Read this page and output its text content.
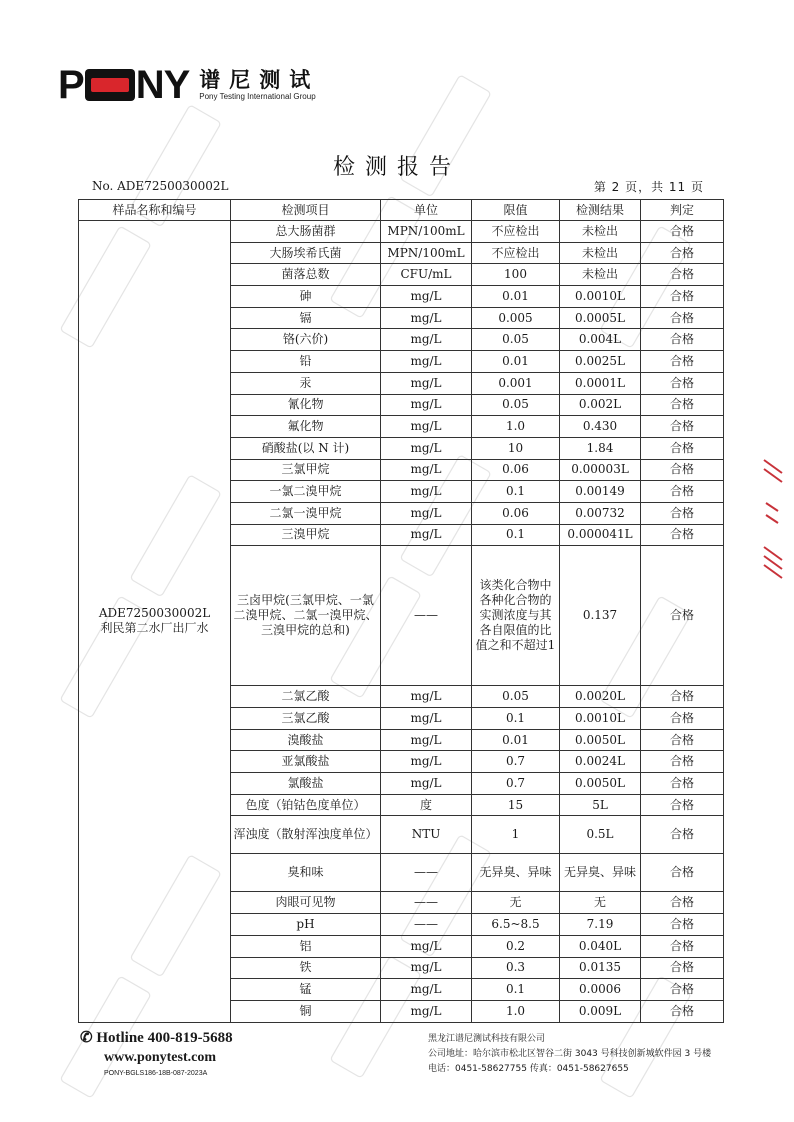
P NY 谱尼测试
Pony Testing International Group
检测报告
No. ADE7250030002L	第 2 页，共 11 页
样品名称和编号	检测项目	单位	限值	检测结果	判定

ADE7250030002L
利民第二水厂出厂水	总大肠菌群	MPN/100mL	不应检出	未检出	合格
	大肠埃希氏菌	MPN/100mL	不应检出	未检出	合格
	菌落总数	CFU/mL	100	未检出	合格
	砷	mg/L	0.01	0.0010L	合格
	镉	mg/L	0.005	0.0005L	合格
	铬(六价)	mg/L	0.05	0.004L	合格
	铅	mg/L	0.01	0.0025L	合格
	汞	mg/L	0.001	0.0001L	合格
	氰化物	mg/L	0.05	0.002L	合格
	氟化物	mg/L	1.0	0.430	合格
	硝酸盐(以 N 计)	mg/L	10	1.84	合格
	三氯甲烷	mg/L	0.06	0.00003L	合格
	一氯二溴甲烷	mg/L	0.1	0.00149	合格
	二氯一溴甲烷	mg/L	0.06	0.00732	合格
	三溴甲烷	mg/L	0.1	0.000041L	合格
	三卤甲烷(三氯甲烷、一氯二溴甲烷、二氯一溴甲烷、三溴甲烷的总和)	——	该类化合物中各种化合物的实测浓度与其各自限值的比值之和不超过1	0.137	合格
	二氯乙酸	mg/L	0.05	0.0020L	合格
	三氯乙酸	mg/L	0.1	0.0010L	合格
	溴酸盐	mg/L	0.01	0.0050L	合格
	亚氯酸盐	mg/L	0.7	0.0024L	合格
	氯酸盐	mg/L	0.7	0.0050L	合格
	色度（铂钴色度单位）	度	15	5L	合格
	浑浊度（散射浑浊度单位）	NTU	1	0.5L	合格
	臭和味	——	无异臭、异味	无异臭、异味	合格
	肉眼可见物	——	无	无	合格
	pH	——	6.5~8.5	7.19	合格
	铝	mg/L	0.2	0.040L	合格
	铁	mg/L	0.3	0.0135	合格
	锰	mg/L	0.1	0.0006	合格
	铜	mg/L	1.0	0.009L	合格
✆ Hotline 400-819-5688
www.ponytest.com
PONY-BGLS186-18B-087-2023A
黑龙江谱尼测试科技有限公司
公司地址：哈尔滨市松北区智谷二街 3043 号科技创新城软件园 3 号楼
电话：0451-58627755 传真：0451-58627655
